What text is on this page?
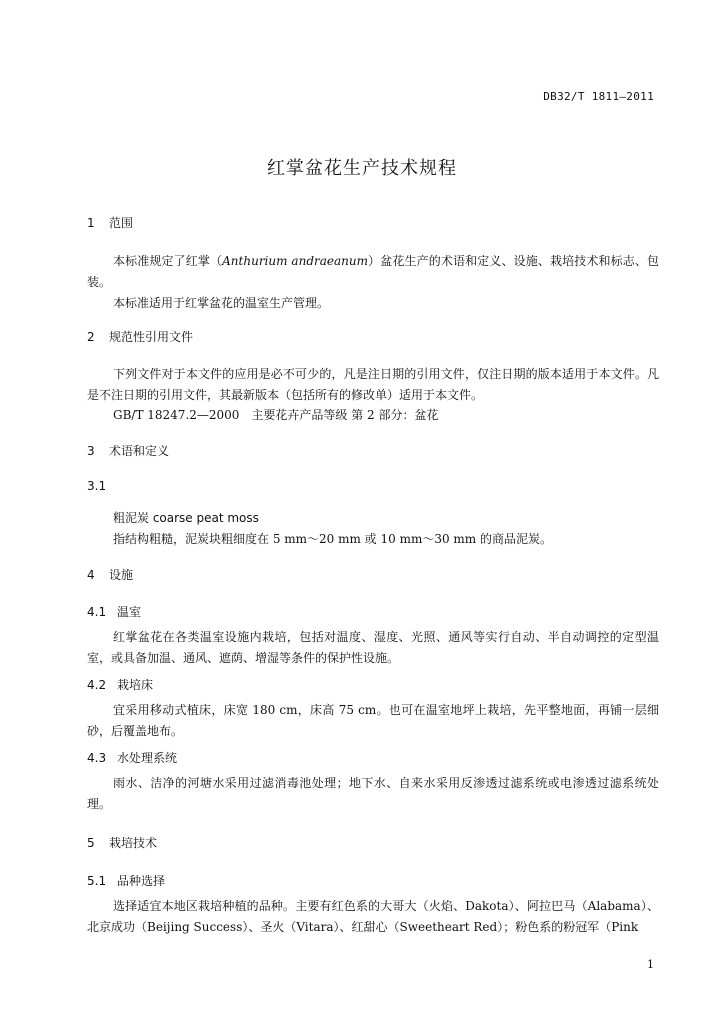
DB32/T 1811—2011
红掌盆花生产技术规程
1 范围
本标准规定了红掌（Anthurium andraeanum）盆花生产的术语和定义、设施、栽培技术和标志、包装。
本标准适用于红掌盆花的温室生产管理。
2 规范性引用文件
下列文件对于本文件的应用是必不可少的，凡是注日期的引用文件，仅注日期的版本适用于本文件。凡是不注日期的引用文件，其最新版本（包括所有的修改单）适用于本文件。
GB/T 18247.2—2000　主要花卉产品等级 第 2 部分：盆花
3 术语和定义
3.1
粗泥炭 coarse peat moss
指结构粗糙，泥炭块粗细度在 5 mm～20 mm 或 10 mm～30 mm 的商品泥炭。
4 设施
4.1 温室
红掌盆花在各类温室设施内栽培，包括对温度、湿度、光照、通风等实行自动、半自动调控的定型温室，或具备加温、通风、遮荫、增湿等条件的保护性设施。
4.2 栽培床
宜采用移动式植床，床宽 180 cm，床高 75 cm。也可在温室地坪上栽培，先平整地面，再铺一层细砂，后覆盖地布。
4.3 水处理系统
雨水、洁净的河塘水采用过滤消毒池处理；地下水、自来水采用反渗透过滤系统或电渗透过滤系统处理。
5 栽培技术
5.1 品种选择
选择适宜本地区栽培种植的品种。主要有红色系的大哥大（火焰、Dakota）、阿拉巴马（Alabama）、北京成功（Beijing Success）、圣火（Vitara）、红甜心（Sweetheart Red）；粉色系的粉冠军（Pink
1
